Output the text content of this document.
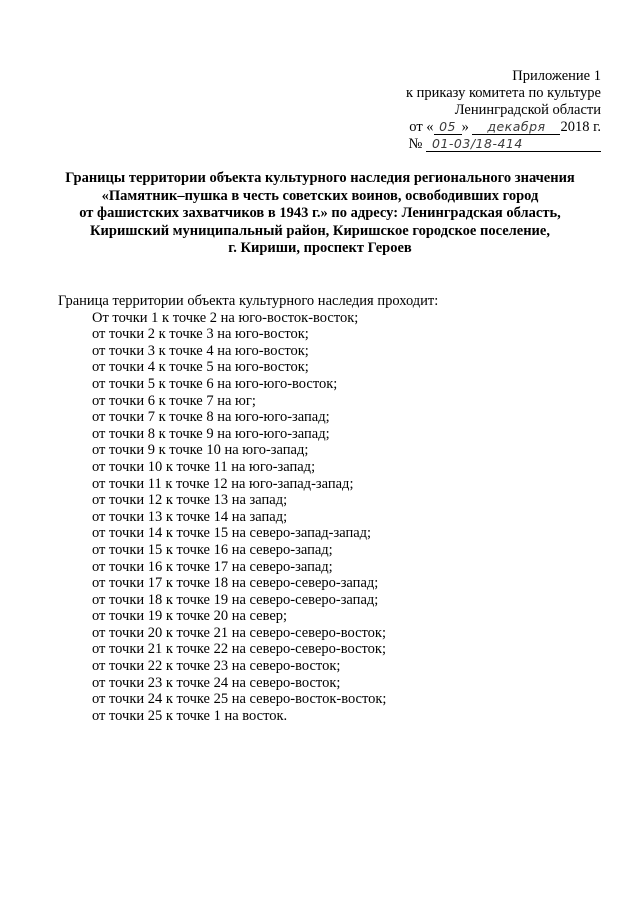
Приложение 1
к приказу комитета по культуре
Ленинградской области
от « 05 » декабря 2018 г.
№ 01-03/18-414
Границы территории объекта культурного наследия регионального значения
«Памятник–пушка в честь советских воинов, освободивших город
от фашистских захватчиков в 1943 г.» по адресу: Ленинградская область,
Киришский муниципальный район, Киришское городское поселение,
г. Кириши, проспект Героев
Граница территории объекта культурного наследия проходит:
От точки 1 к точке 2 на юго-восток-восток;
от точки 2 к точке 3 на юго-восток;
от точки 3 к точке 4 на юго-восток;
от точки 4 к точке 5 на юго-восток;
от точки 5 к точке 6 на юго-юго-восток;
от точки 6 к точке 7 на юг;
от точки 7 к точке 8 на юго-юго-запад;
от точки 8 к точке 9 на юго-юго-запад;
от точки 9 к точке 10 на юго-запад;
от точки 10 к точке 11 на юго-запад;
от точки 11 к точке 12 на юго-запад-запад;
от точки 12 к точке 13 на запад;
от точки 13 к точке 14 на запад;
от точки 14 к точке 15 на северо-запад-запад;
от точки 15 к точке 16 на северо-запад;
от точки 16 к точке 17 на северо-запад;
от точки 17 к точке 18 на северо-северо-запад;
от точки 18 к точке 19 на северо-северо-запад;
от точки 19 к точке 20 на север;
от точки 20 к точке 21 на северо-северо-восток;
от точки 21 к точке 22 на северо-северо-восток;
от точки 22 к точке 23 на северо-восток;
от точки 23 к точке 24 на северо-восток;
от точки 24 к точке 25 на северо-восток-восток;
от точки 25 к точке 1 на восток.
